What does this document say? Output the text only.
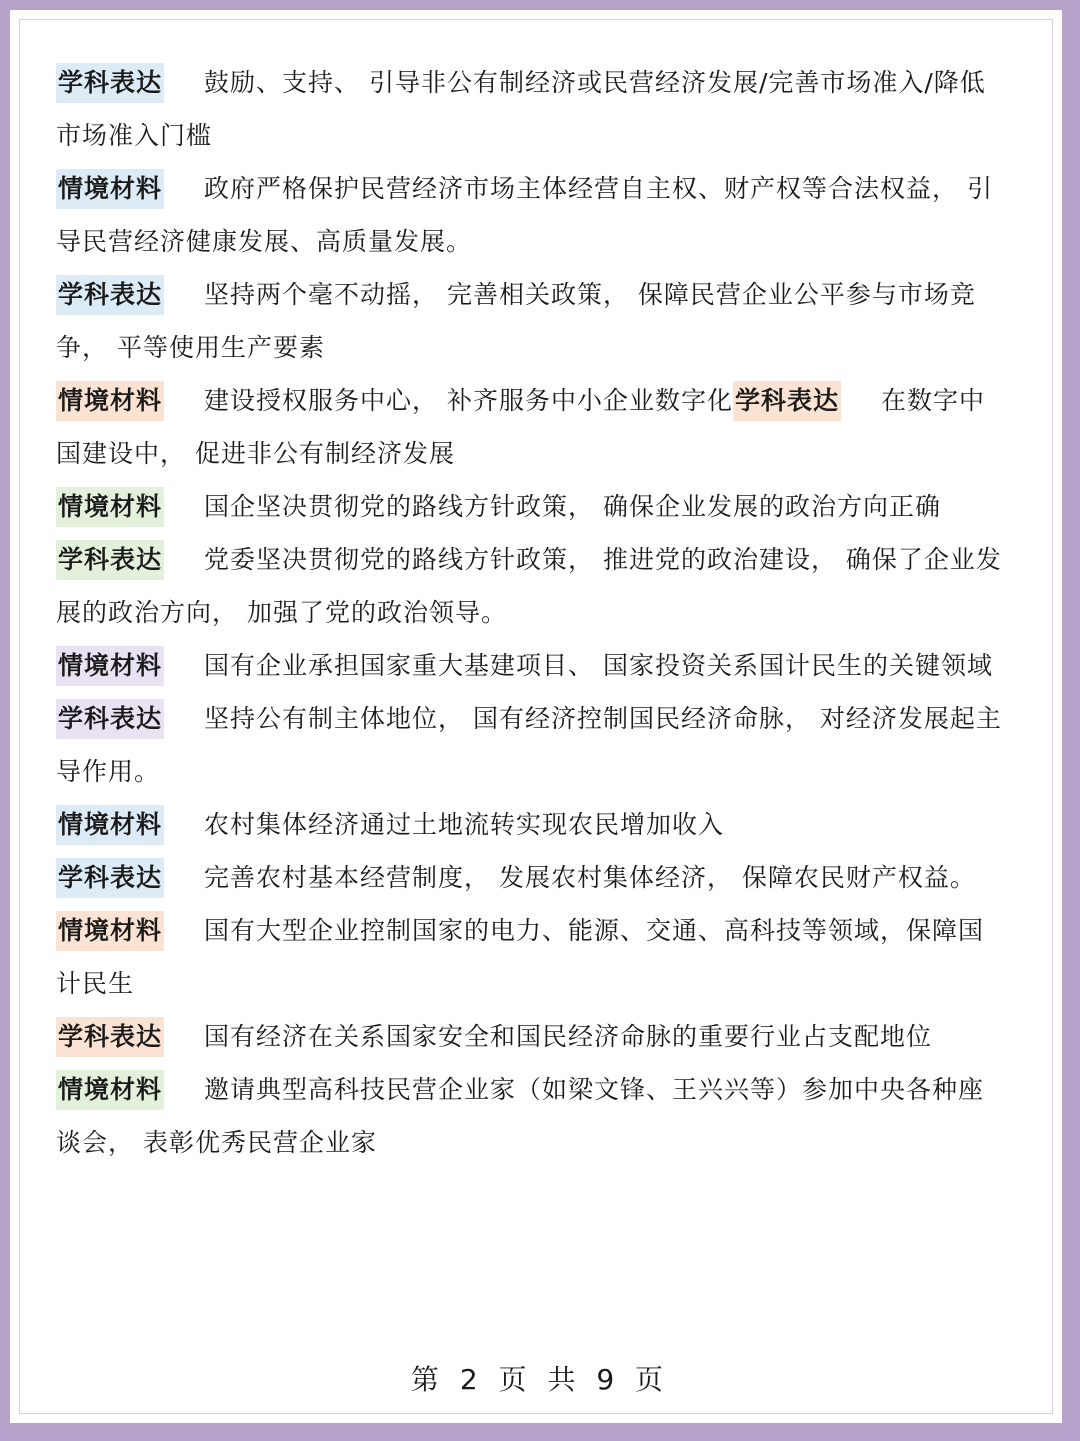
学科表达 鼓励、支持、 引导非公有制经济或民营经济发展/完善市场准入/降低市场准入门槛

情境材料 政府严格保护民营经济市场主体经营自主权、财产权等合法权益， 引导民营经济健康发展、高质量发展。

学科表达 坚持两个毫不动摇， 完善相关政策， 保障民营企业公平参与市场竞争， 平等使用生产要素

情境材料 建设授权服务中心， 补齐服务中小企业数字化学科表达 在数字中国建设中， 促进非公有制经济发展

情境材料 国企坚决贯彻党的路线方针政策， 确保企业发展的政治方向正确

学科表达 党委坚决贯彻党的路线方针政策， 推进党的政治建设， 确保了企业发展的政治方向， 加强了党的政治领导。

情境材料 国有企业承担国家重大基建项目、 国家投资关系国计民生的关键领域

学科表达 坚持公有制主体地位， 国有经济控制国民经济命脉， 对经济发展起主导作用。

情境材料 农村集体经济通过土地流转实现农民增加收入

学科表达 完善农村基本经营制度， 发展农村集体经济， 保障农民财产权益。

情境材料 国有大型企业控制国家的电力、能源、交通、高科技等领域，保障国计民生

学科表达 国有经济在关系国家安全和国民经济命脉的重要行业占支配地位

情境材料 邀请典型高科技民营企业家（如梁文锋、王兴兴等）参加中央各种座谈会， 表彰优秀民营企业家

第 2 页 共 9 页
